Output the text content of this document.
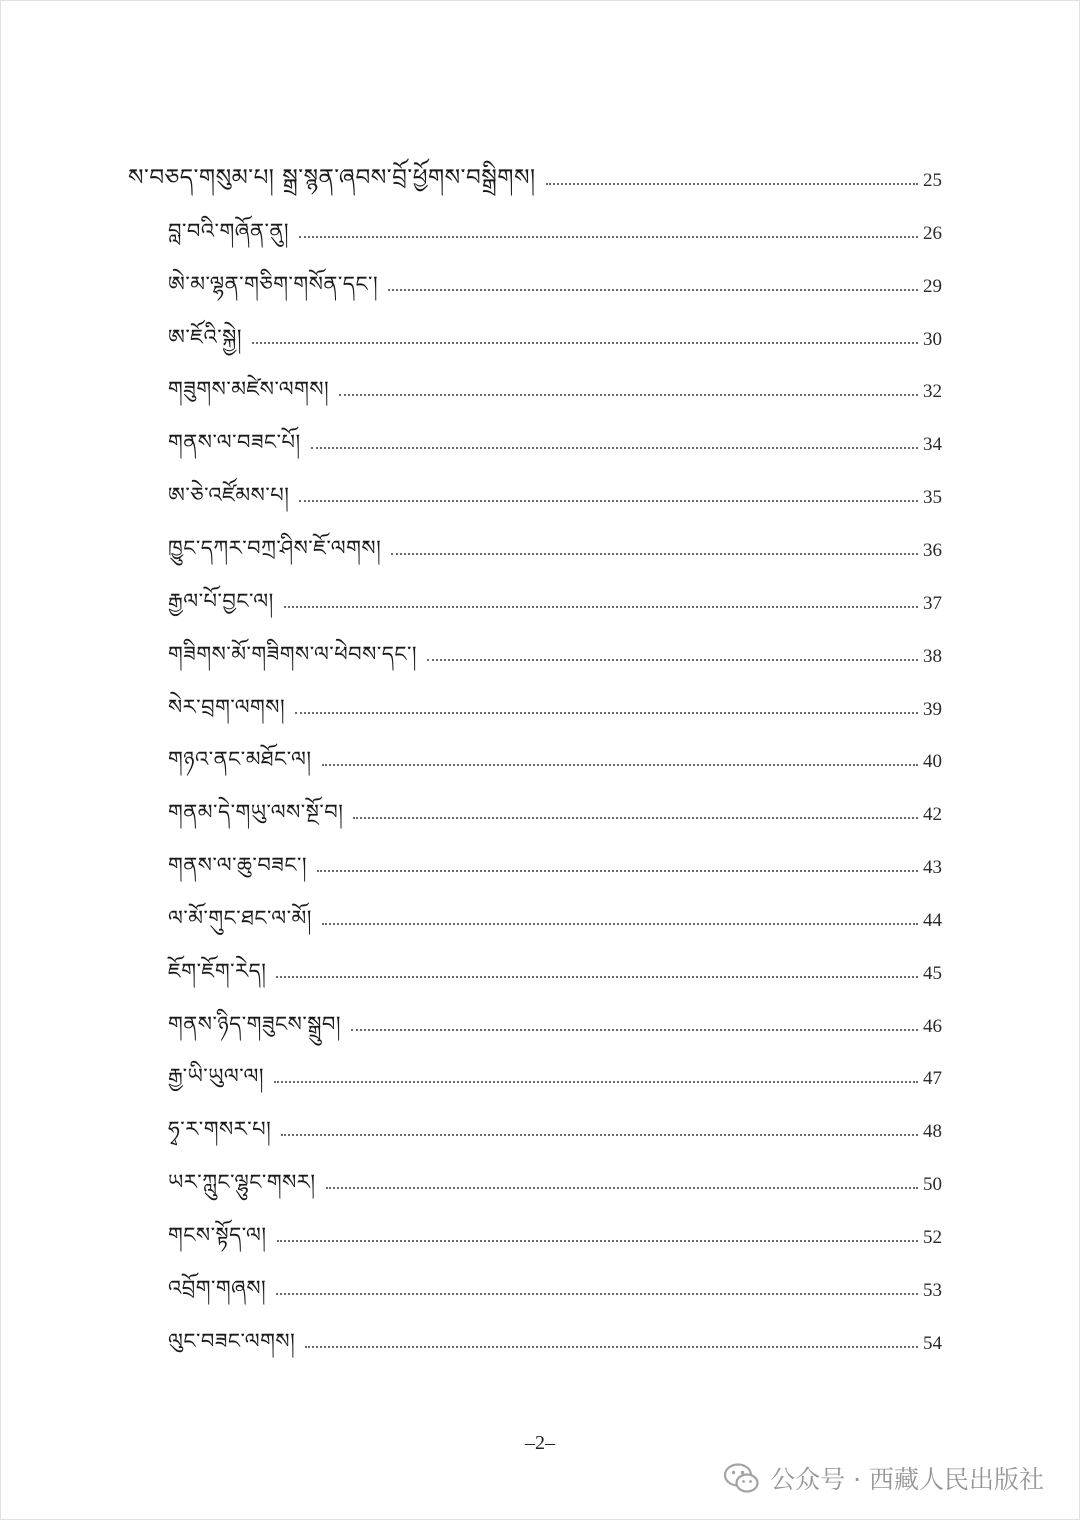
ས་བཅད་གསུམ་པ། སྒྲ་སྙན་ཞབས་བྲོ་ཕྱོགས་བསྒྲིགས།	25
བླ་བའི་གཞོན་ནུ།	26
ཨེ་མ་ལྷན་གཅིག་གསོན་དང་།	29
ཨ་ཇོའི་སྐྱེ།	30
གཟུགས་མཛེས་ལགས།	32
གནས་ལ་བཟང་པོ།	34
ཨ་ཅེ་འཛོམས་པ།	35
ཁྱུང་དཀར་བཀྲ་ཤིས་ཇོ་ལགས།	36
རྒྱལ་པོ་བྱང་ལ།	37
གཟིགས་མོ་གཟིགས་ལ་ཕེབས་དང་།	38
སེར་བྲག་ལགས།	39
གཉའ་ནང་མཐོང་ལ།	40
གནམ་དེ་གཡུ་ལས་སྔོ་བ།	42
གནས་ལ་ཆུ་བཟང་།	43
ལ་མོ་གུང་ཐང་ལ་མོ།	44
ཇོག་ཇོག་རེད།	45
གནས་ཉིད་གཟུངས་སྒྲུབ།	46
རྒྱ་ཡི་ཡུལ་ལ།	47
ཧྭ་ར་གསར་པ།	48
ཡར་ཀླུང་ལྷུང་གསར།	50
གངས་སྟོད་ལ།	52
འབྲོག་གཞས།	53
ལུང་བཟང་ལགས།	54
–2–
公众号 · 西藏人民出版社
